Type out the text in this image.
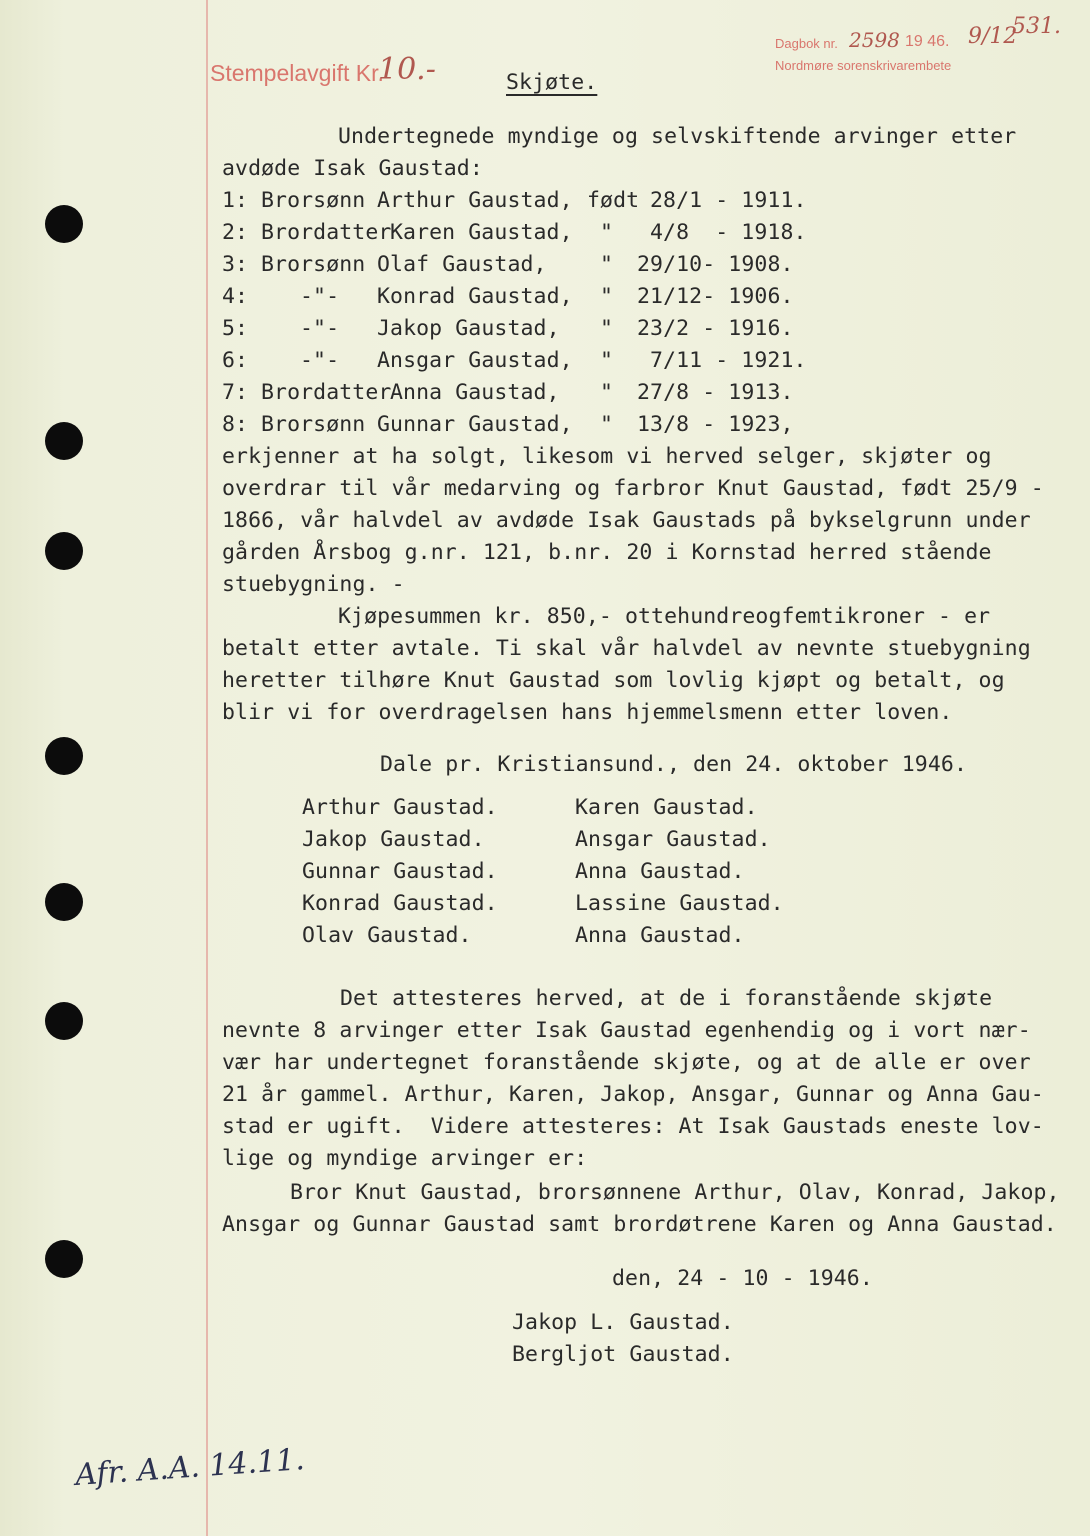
Stempelavgift Kr.
10.-
Dagbok nr. 2598 19 46. 9/12
531.
Nordmøre sorenskrivarembete
Skjøte.
Undertegnede myndige og selvskiftende arvinger etter
avdøde Isak Gaustad:
1: Brorsønn Arthur Gaustad, født 28/1 - 1911.
2: Brordatter
Karen Gaustad, " 4/8  - 1918.
3: Brorsønn Olaf Gaustad, " 29/10- 1908.
4: -"- Konrad Gaustad, " 21/12- 1906.
5: -"- Jakop Gaustad, " 23/2 - 1916.
6: -"- Ansgar Gaustad, " 7/11 - 1921.
7: Brordatter
Anna Gaustad, " 27/8 - 1913.
8: Brorsønn Gunnar Gaustad, " 13/8 - 1923,
erkjenner at ha solgt, likesom vi herved selger, skjøter og
overdrar til vår medarving og farbror Knut Gaustad, født 25/9 -
1866, vår halvdel av avdøde Isak Gaustads på bykselgrunn under
gården Årsbog g.nr. 121, b.nr. 20 i Kornstad herred stående
stuebygning. -
Kjøpesummen kr. 850,- ottehundreogfemtikroner - er
betalt etter avtale. Ti skal vår halvdel av nevnte stuebygning
heretter tilhøre Knut Gaustad som lovlig kjøpt og betalt, og
blir vi for overdragelsen hans hjemmelsmenn etter loven.
Dale pr. Kristiansund., den 24. oktober 1946.
Arthur Gaustad.
Jakop Gaustad.
Gunnar Gaustad.
Konrad Gaustad.
Olav Gaustad.
Karen Gaustad.
Ansgar Gaustad.
Anna Gaustad.
Lassine Gaustad.
Anna Gaustad.
Det attesteres herved, at de i foranstående skjøte
nevnte 8 arvinger etter Isak Gaustad egenhendig og i vort nær-
vær har undertegnet foranstående skjøte, og at de alle er over
21 år gammel. Arthur, Karen, Jakop, Ansgar, Gunnar og Anna Gau-
stad er ugift.  Videre attesteres: At Isak Gaustads eneste lov-
lige og myndige arvinger er:
Bror Knut Gaustad, brorsønnene Arthur, Olav, Konrad, Jakop,
Ansgar og Gunnar Gaustad samt brordøtrene Karen og Anna Gaustad.
den, 24 - 10 - 1946.
Jakop L. Gaustad.
Bergljot Gaustad.
Afr. A.A. 14.11.
